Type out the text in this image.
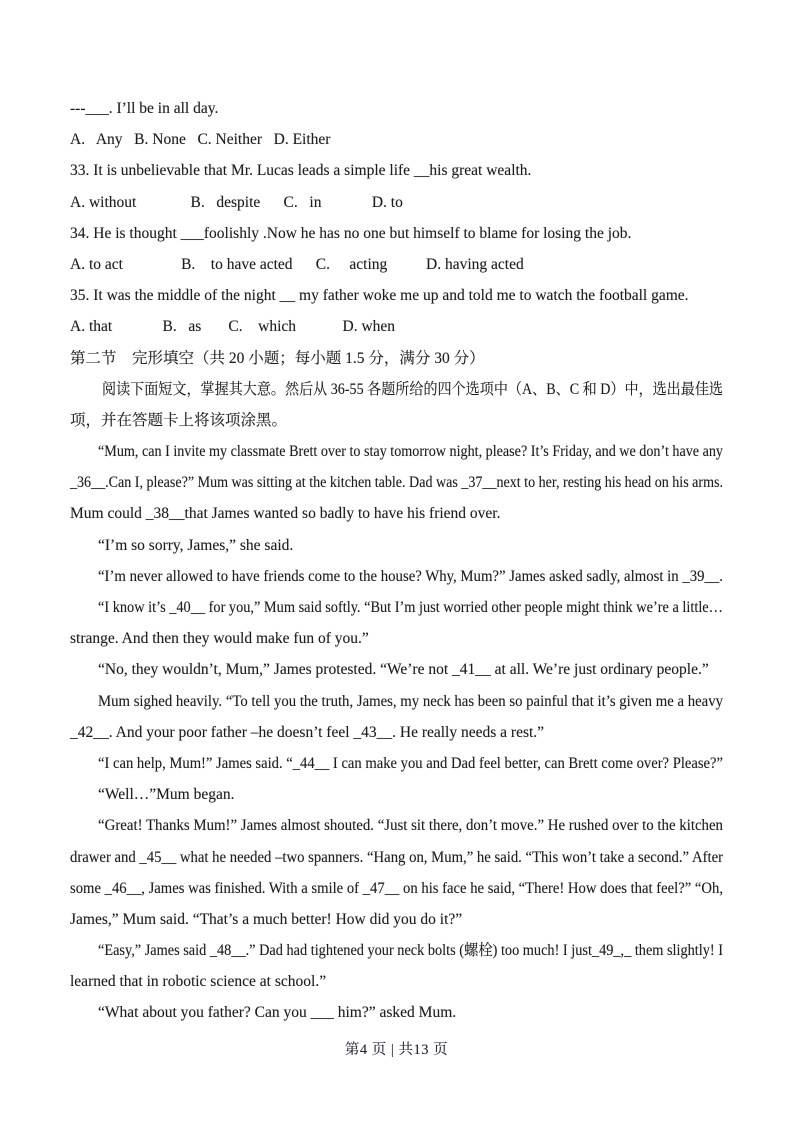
---___. I’ll be in all day.
A.   Any   B. None   C. Neither   D. Either
33. It is unbelievable that Mr. Lucas leads a simple life __his great wealth.
A. without              B.   despite      C.   in             D. to
34. He is thought ___foolishly .Now he has no one but himself to blame for losing the job.
A. to act               B.    to have acted      C.     acting          D. having acted
35. It was the middle of the night __ my father woke me up and told me to watch the football game.
A. that             B.   as       C.    which            D. when
第二节　完形填空（共 20 小题；每小题 1.5 分，满分 30 分）
阅读下面短文，掌握其大意。然后从 36-55 各题所给的四个选项中（A、B、C 和 D）中，选出最佳选
项，并在答题卡上将该项涂黑。
“Mum, can I invite my classmate Brett over to stay tomorrow night, please? It’s Friday, and we don’t have any
_36__.Can I, please?” Mum was sitting at the kitchen table. Dad was _37__next to her, resting his head on his arms.
Mum could _38__that James wanted so badly to have his friend over.
“I’m so sorry, James,” she said.
“I’m never allowed to have friends come to the house? Why, Mum?” James asked sadly, almost in _39__.
“I know it’s _40__ for you,” Mum said softly. “But I’m just worried other people might think we’re a little…
strange. And then they would make fun of you.”
“No, they wouldn’t, Mum,” James protested. “We’re not _41__ at all. We’re just ordinary people.”
Mum sighed heavily. “To tell you the truth, James, my neck has been so painful that it’s given me a heavy
_42__. And your poor father –he doesn’t feel _43__. He really needs a rest.”
“I can help, Mum!” James said. “_44__ I can make you and Dad feel better, can Brett come over? Please?”
“Well…”Mum began.
“Great! Thanks Mum!” James almost shouted. “Just sit there, don’t move.” He rushed over to the kitchen
drawer and _45__ what he needed –two spanners. “Hang on, Mum,” he said. “This won’t take a second.” After
some _46__, James was finished. With a smile of _47__ on his face he said, “There! How does that feel?” “Oh,
James,” Mum said. “That’s a much better! How did you do it?”
“Easy,” James said _48__.” Dad had tightened your neck bolts (螺栓) too much! I just_49_,_ them slightly! I
learned that in robotic science at school.”
“What about you father? Can you ___ him?” asked Mum.
第4 页 | 共13 页
